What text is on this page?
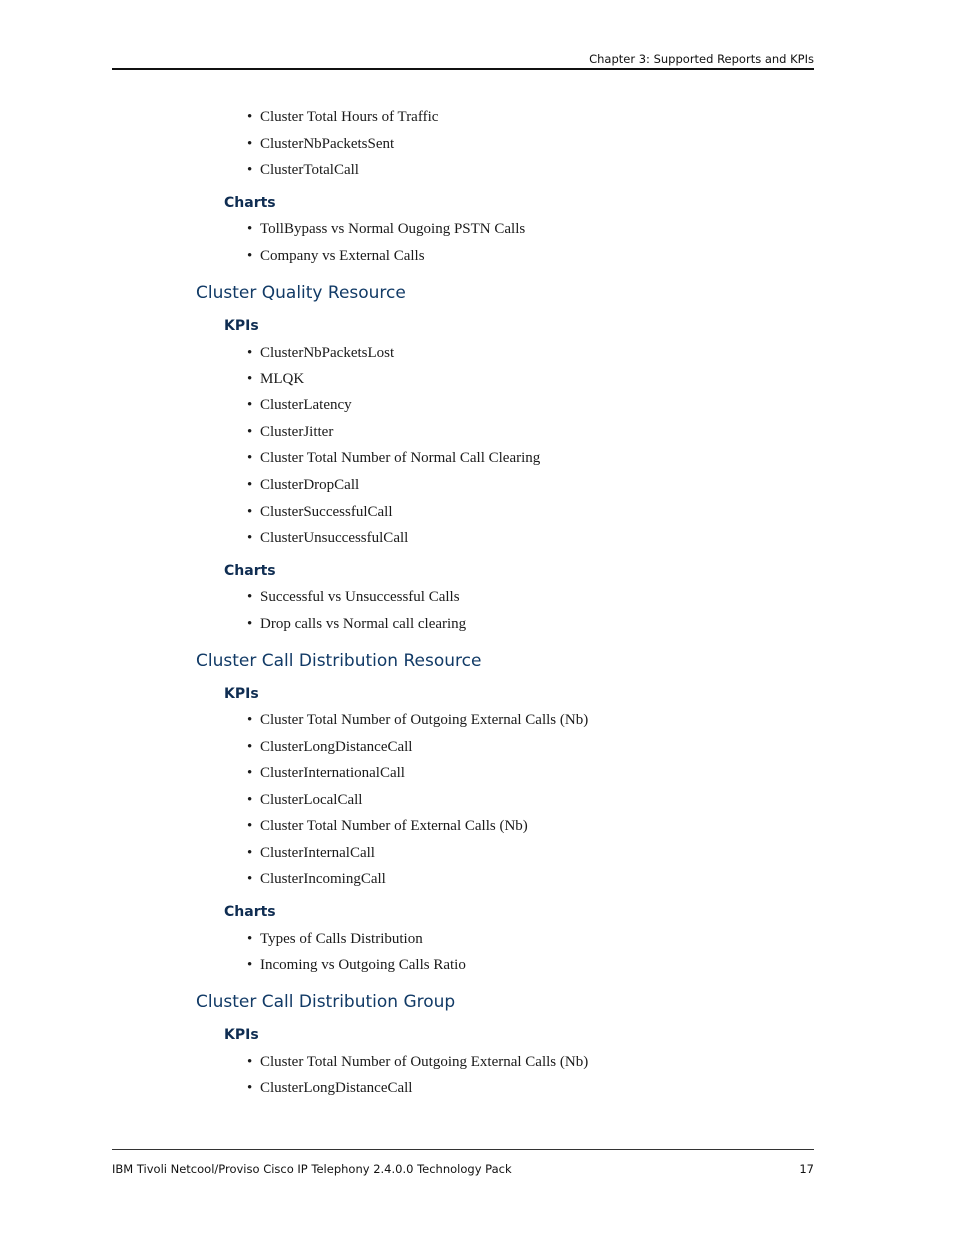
Chapter 3: Supported Reports and KPIs
• Cluster Total Hours of Traffic
• ClusterNbPacketsSent
• ClusterTotalCall
Charts
• TollBypass vs Normal Ougoing PSTN Calls
• Company vs External Calls
Cluster Quality Resource
KPIs
• ClusterNbPacketsLost
• MLQK
• ClusterLatency
• ClusterJitter
• Cluster Total Number of Normal Call Clearing
• ClusterDropCall
• ClusterSuccessfulCall
• ClusterUnsuccessfulCall
Charts
• Successful vs Unsuccessful Calls
• Drop calls vs Normal call clearing
Cluster Call Distribution Resource
KPIs
• Cluster Total Number of Outgoing External Calls (Nb)
• ClusterLongDistanceCall
• ClusterInternationalCall
• ClusterLocalCall
• Cluster Total Number of External Calls (Nb)
• ClusterInternalCall
• ClusterIncomingCall
Charts
• Types of Calls Distribution
• Incoming vs Outgoing Calls Ratio
Cluster Call Distribution Group
KPIs
• Cluster Total Number of Outgoing External Calls (Nb)
• ClusterLongDistanceCall
IBM Tivoli Netcool/Proviso Cisco IP Telephony 2.4.0.0 Technology Pack	17
